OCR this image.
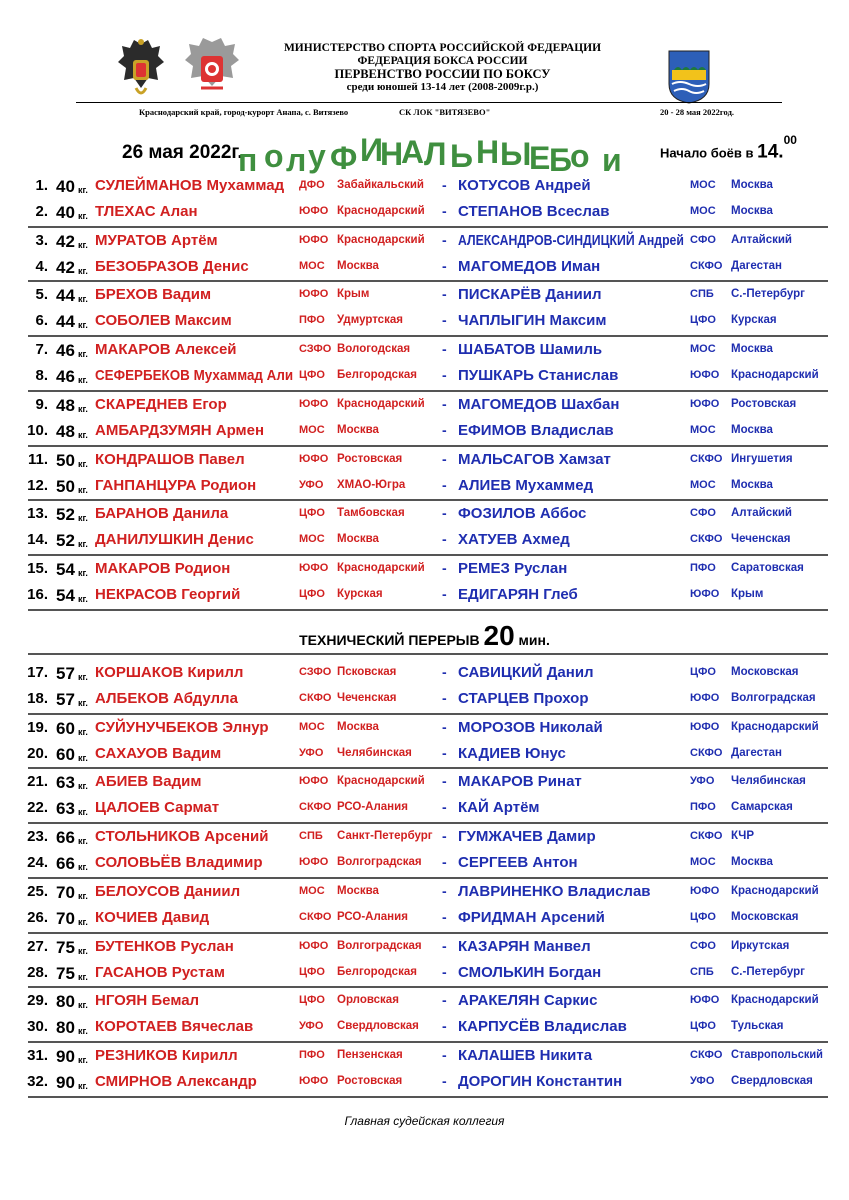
МИНИСТЕРСТВО СПОРТА РОССИЙСКОЙ ФЕДЕРАЦИИ
ФЕДЕРАЦИЯ БОКСА РОССИИ
ПЕРВЕНСТВО РОССИИ ПО БОКСУ
среди юношей 13-14 лет (2008-2009г.р.)
Краснодарский край, город-курорт Анапа, с. Витязево	СК ЛОК "ВИТЯЗЕВО"	20 - 28 мая 2022год.
26 мая 2022г.
п о л у Ф И
Н
А Л Ь Н Ы
Е
Б
о и	Начало боёв в 14.00
1. 40 кг. СУЛЕЙМАНОВ Мухаммад ДФО	Забайкальский - КОТУСОВ Андрей	МОС	Москва
2. 40 кг. ТЛЕХАС Алан	ЮФО Краснодарский - СТЕПАНОВ Всеслав	МОС	Москва
3. 42 кг. МУРАТОВ Артём	ЮФО Краснодарский - АЛЕКСАНДРОВ-СИНДИЦКИЙ Андрей СФО	Алтайский
4. 42 кг. БЕЗОБРАЗОВ Денис	МОС	Москва	- МАГОМЕДОВ Иман	СКФО Дагестан
5. 44 кг. БРЕХОВ Вадим	ЮФО Крым	- ПИСКАРЁВ Даниил	СПБ	С.-Петербург
6. 44 кг. СОБОЛЕВ Максим	ПФО	Удмуртская	- ЧАПЛЫГИН Максим	ЦФО	Курская
7. 46 кг. МАКАРОВ Алексей	СЗФО Вологодская - ШАБАТОВ Шамиль	МОС	Москва
8. 46 кг. СЕФЕРБЕКОВ Мухаммад Али ЦФО	Белгородская - ПУШКАРЬ Станислав	ЮФО	Краснодарский
9. 48 кг. СКАРЕДНЕВ Егор	ЮФО Краснодарский - МАГОМЕДОВ Шахбан	ЮФО	Ростовская
10. 48 кг. АМБАРДЗУМЯН Армен	МОС	Москва	- ЕФИМОВ Владислав	МОС	Москва
11. 50 кг. КОНДРАШОВ Павел	ЮФО Ростовская	- МАЛЬСАГОВ Хамзат	СКФО Ингушетия
12. 50 кг. ГАНПАНЦУРА Родион	УФО	ХМАО-Югра	- АЛИЕВ Мухаммед	МОС	Москва
13. 52 кг. БАРАНОВ Данила	ЦФО	Тамбовская	- ФОЗИЛОВ Аббос	СФО	Алтайский
14. 52 кг. ДАНИЛУШКИН Денис	МОС	Москва	- ХАТУЕВ Ахмед	СКФО Чеченская
15. 54 кг. МАКАРОВ Родион	ЮФО Краснодарский - РЕМЕЗ Руслан	ПФО	Саратовская
16. 54 кг. НЕКРАСОВ Георгий	ЦФО	Курская	- ЕДИГАРЯН Глеб	ЮФО	Крым
17. 57 кг. КОРШАКОВ Кирилл	СЗФО Псковская	- САВИЦКИЙ Данил	ЦФО	Московская
18. 57 кг. АЛБЕКОВ Абдулла	СКФО Чеченская	- СТАРЦЕВ Прохор	ЮФО	Волгоградская
19. 60 кг. СУЙУНУЧБЕКОВ Элнур	МОС	Москва	- МОРОЗОВ Николай	ЮФО	Краснодарский
20. 60 кг. САХАУОВ Вадим	УФО	Челябинская - КАДИЕВ Юнус	СКФО Дагестан
21. 63 кг. АБИЕВ Вадим	ЮФО Краснодарский - МАКАРОВ Ринат	УФО	Челябинская
22. 63 кг. ЦАЛОЕВ Сармат	СКФО РСО-Алания - КАЙ Артём	ПФО	Самарская
23. 66 кг. СТОЛЬНИКОВ Арсений	СПБ	Санкт-Петербург - ГУМЖАЧЕВ Дамир	СКФО КЧР
24. 66 кг. СОЛОВЬЁВ Владимир	ЮФО Волгоградская - СЕРГЕЕВ Антон	МОС	Москва
25. 70 кг. БЕЛОУСОВ Даниил	МОС	Москва	- ЛАВРИНЕНКО Владислав	ЮФО	Краснодарский
26. 70 кг. КОЧИЕВ Давид	СКФО РСО-Алания - ФРИДМАН Арсений	ЦФО	Московская
27. 75 кг. БУТЕНКОВ Руслан	ЮФО Волгоградская - КАЗАРЯН Манвел	СФО	Иркутская
28. 75 кг. ГАСАНОВ Рустам	ЦФО	Белгородская - СМОЛЬКИН Богдан	СПБ	С.-Петербург
29. 80 кг. НГОЯН Бемал	ЦФО	Орловская	- АРАКЕЛЯН Саркис	ЮФО	Краснодарский
30. 80 кг. КОРОТАЕВ Вячеслав	УФО	Свердловская - КАРПУСЁВ Владислав	ЦФО	Тульская
31. 90 кг. РЕЗНИКОВ Кирилл	ПФО	Пензенская	- КАЛАШЕВ Никита	СКФО Ставропольский
32. 90 кг. СМИРНОВ Александр	ЮФО Ростовская	- ДОРОГИН Константин	УФО	Свердловская
ТЕХНИЧЕСКИЙ ПЕРЕРЫВ 20 мин.
Главная судейская коллегия
